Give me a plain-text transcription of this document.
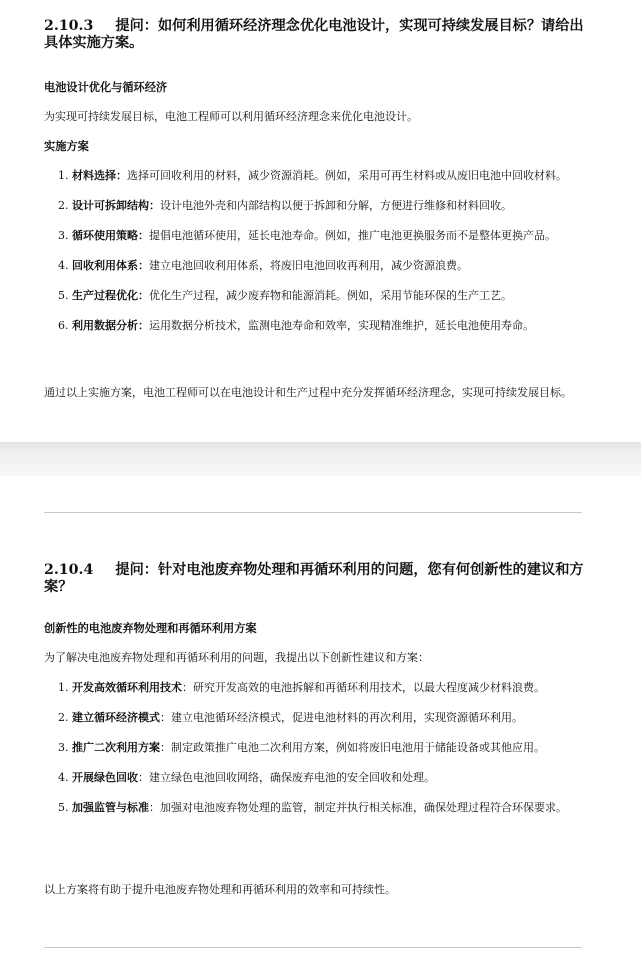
2.10.3 提问：如何利用循环经济理念优化电池设计，实现可持续发展目标？请给出具体实施方案。

电池设计优化与循环经济

为实现可持续发展目标，电池工程师可以利用循环经济理念来优化电池设计。

实施方案

1. 材料选择：选择可回收利用的材料，减少资源消耗。例如，采用可再生材料或从废旧电池中回收材料。
2. 设计可拆卸结构：设计电池外壳和内部结构以便于拆卸和分解，方便进行维修和材料回收。
3. 循环使用策略：提倡电池循环使用，延长电池寿命。例如，推广电池更换服务而不是整体更换产品。
4. 回收利用体系：建立电池回收利用体系，将废旧电池回收再利用，减少资源浪费。
5. 生产过程优化：优化生产过程，减少废弃物和能源消耗。例如，采用节能环保的生产工艺。
6. 利用数据分析：运用数据分析技术，监测电池寿命和效率，实现精准维护，延长电池使用寿命。

通过以上实施方案，电池工程师可以在电池设计和生产过程中充分发挥循环经济理念，实现可持续发展目标。

2.10.4 提问：针对电池废弃物处理和再循环利用的问题，您有何创新性的建议和方案？

创新性的电池废弃物处理和再循环利用方案

为了解决电池废弃物处理和再循环利用的问题，我提出以下创新性建议和方案：

1. 开发高效循环利用技术：研究开发高效的电池拆解和再循环利用技术，以最大程度减少材料浪费。
2. 建立循环经济模式：建立电池循环经济模式，促进电池材料的再次利用，实现资源循环利用。
3. 推广二次利用方案：制定政策推广电池二次利用方案，例如将废旧电池用于储能设备或其他应用。
4. 开展绿色回收：建立绿色电池回收网络，确保废弃电池的安全回收和处理。
5. 加强监管与标准：加强对电池废弃物处理的监管，制定并执行相关标准，确保处理过程符合环保要求。

以上方案将有助于提升电池废弃物处理和再循环利用的效率和可持续性。
